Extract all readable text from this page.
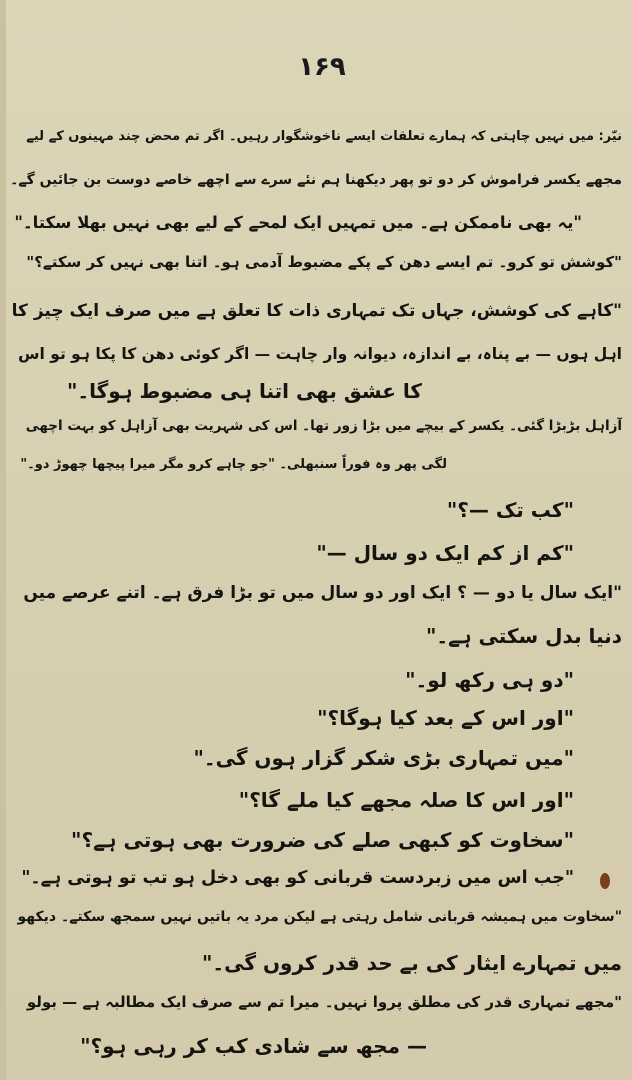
۱۶۹
نیّر: میں نہیں چاہتی کہ ہمارے تعلقات ایسے ناخوشگوار رہیں۔ اگر تم محض چند مہینوں کے لیے
مجھے یکسر فراموش کر دو تو پھر دیکھنا ہم نئے سرے سے اچھے خاصے دوست بن جائیں گے۔
"یہ بھی ناممکن ہے۔ میں تمہیں ایک لمحے کے لیے بھی نہیں بھلا سکتا۔"
"کوشش تو کرو۔ تم ایسے دھن کے پکے مضبوط آدمی ہو۔ اتنا بھی نہیں کر سکتے؟"
"کاہے کی کوشش، جہاں تک تمہاری ذات کا تعلق ہے میں صرف ایک چیز کا
اہل ہوں — بے پناہ، بے اندازہ، دیوانہ وار چاہت — اگر کوئی دھن کا پکا ہو تو اس
کا عشق بھی اتنا ہی مضبوط ہوگا۔"
آزاہل بڑبڑا گئی۔ یکسر کے بیچے میں بڑا زور تھا۔ اس کی شہریت بھی آزاہل کو بہت اچھی
لگی پھر وہ فوراً سنبھلی۔ "جو چاہے کرو مگر میرا پیچھا چھوڑ دو۔"
"کب تک —؟"
"کم از کم ایک دو سال —"
"ایک سال یا دو — ؟ ایک اور دو سال میں تو بڑا فرق ہے۔ اتنے عرصے میں
دنیا بدل سکتی ہے۔"
"دو ہی رکھ لو۔"
"اور اس کے بعد کیا ہوگا؟"
"میں تمہاری بڑی شکر گزار ہوں گی۔"
"اور اس کا صلہ مجھے کیا ملے گا؟"
"سخاوت کو کبھی صلے کی ضرورت بھی ہوتی ہے؟"
"جب اس میں زبردست قربانی کو بھی دخل ہو تب تو ہوتی ہے۔"
"سخاوت میں ہمیشہ قربانی شامل رہتی ہے لیکن مرد یہ باتیں نہیں سمجھ سکتے۔ دیکھو
میں تمہارے ایثار کی بے حد قدر کروں گی۔"
"مجھے تمہاری قدر کی مطلق پروا نہیں۔ میرا تم سے صرف ایک مطالبہ ہے — بولو
— مجھ سے شادی کب کر رہی ہو؟"
